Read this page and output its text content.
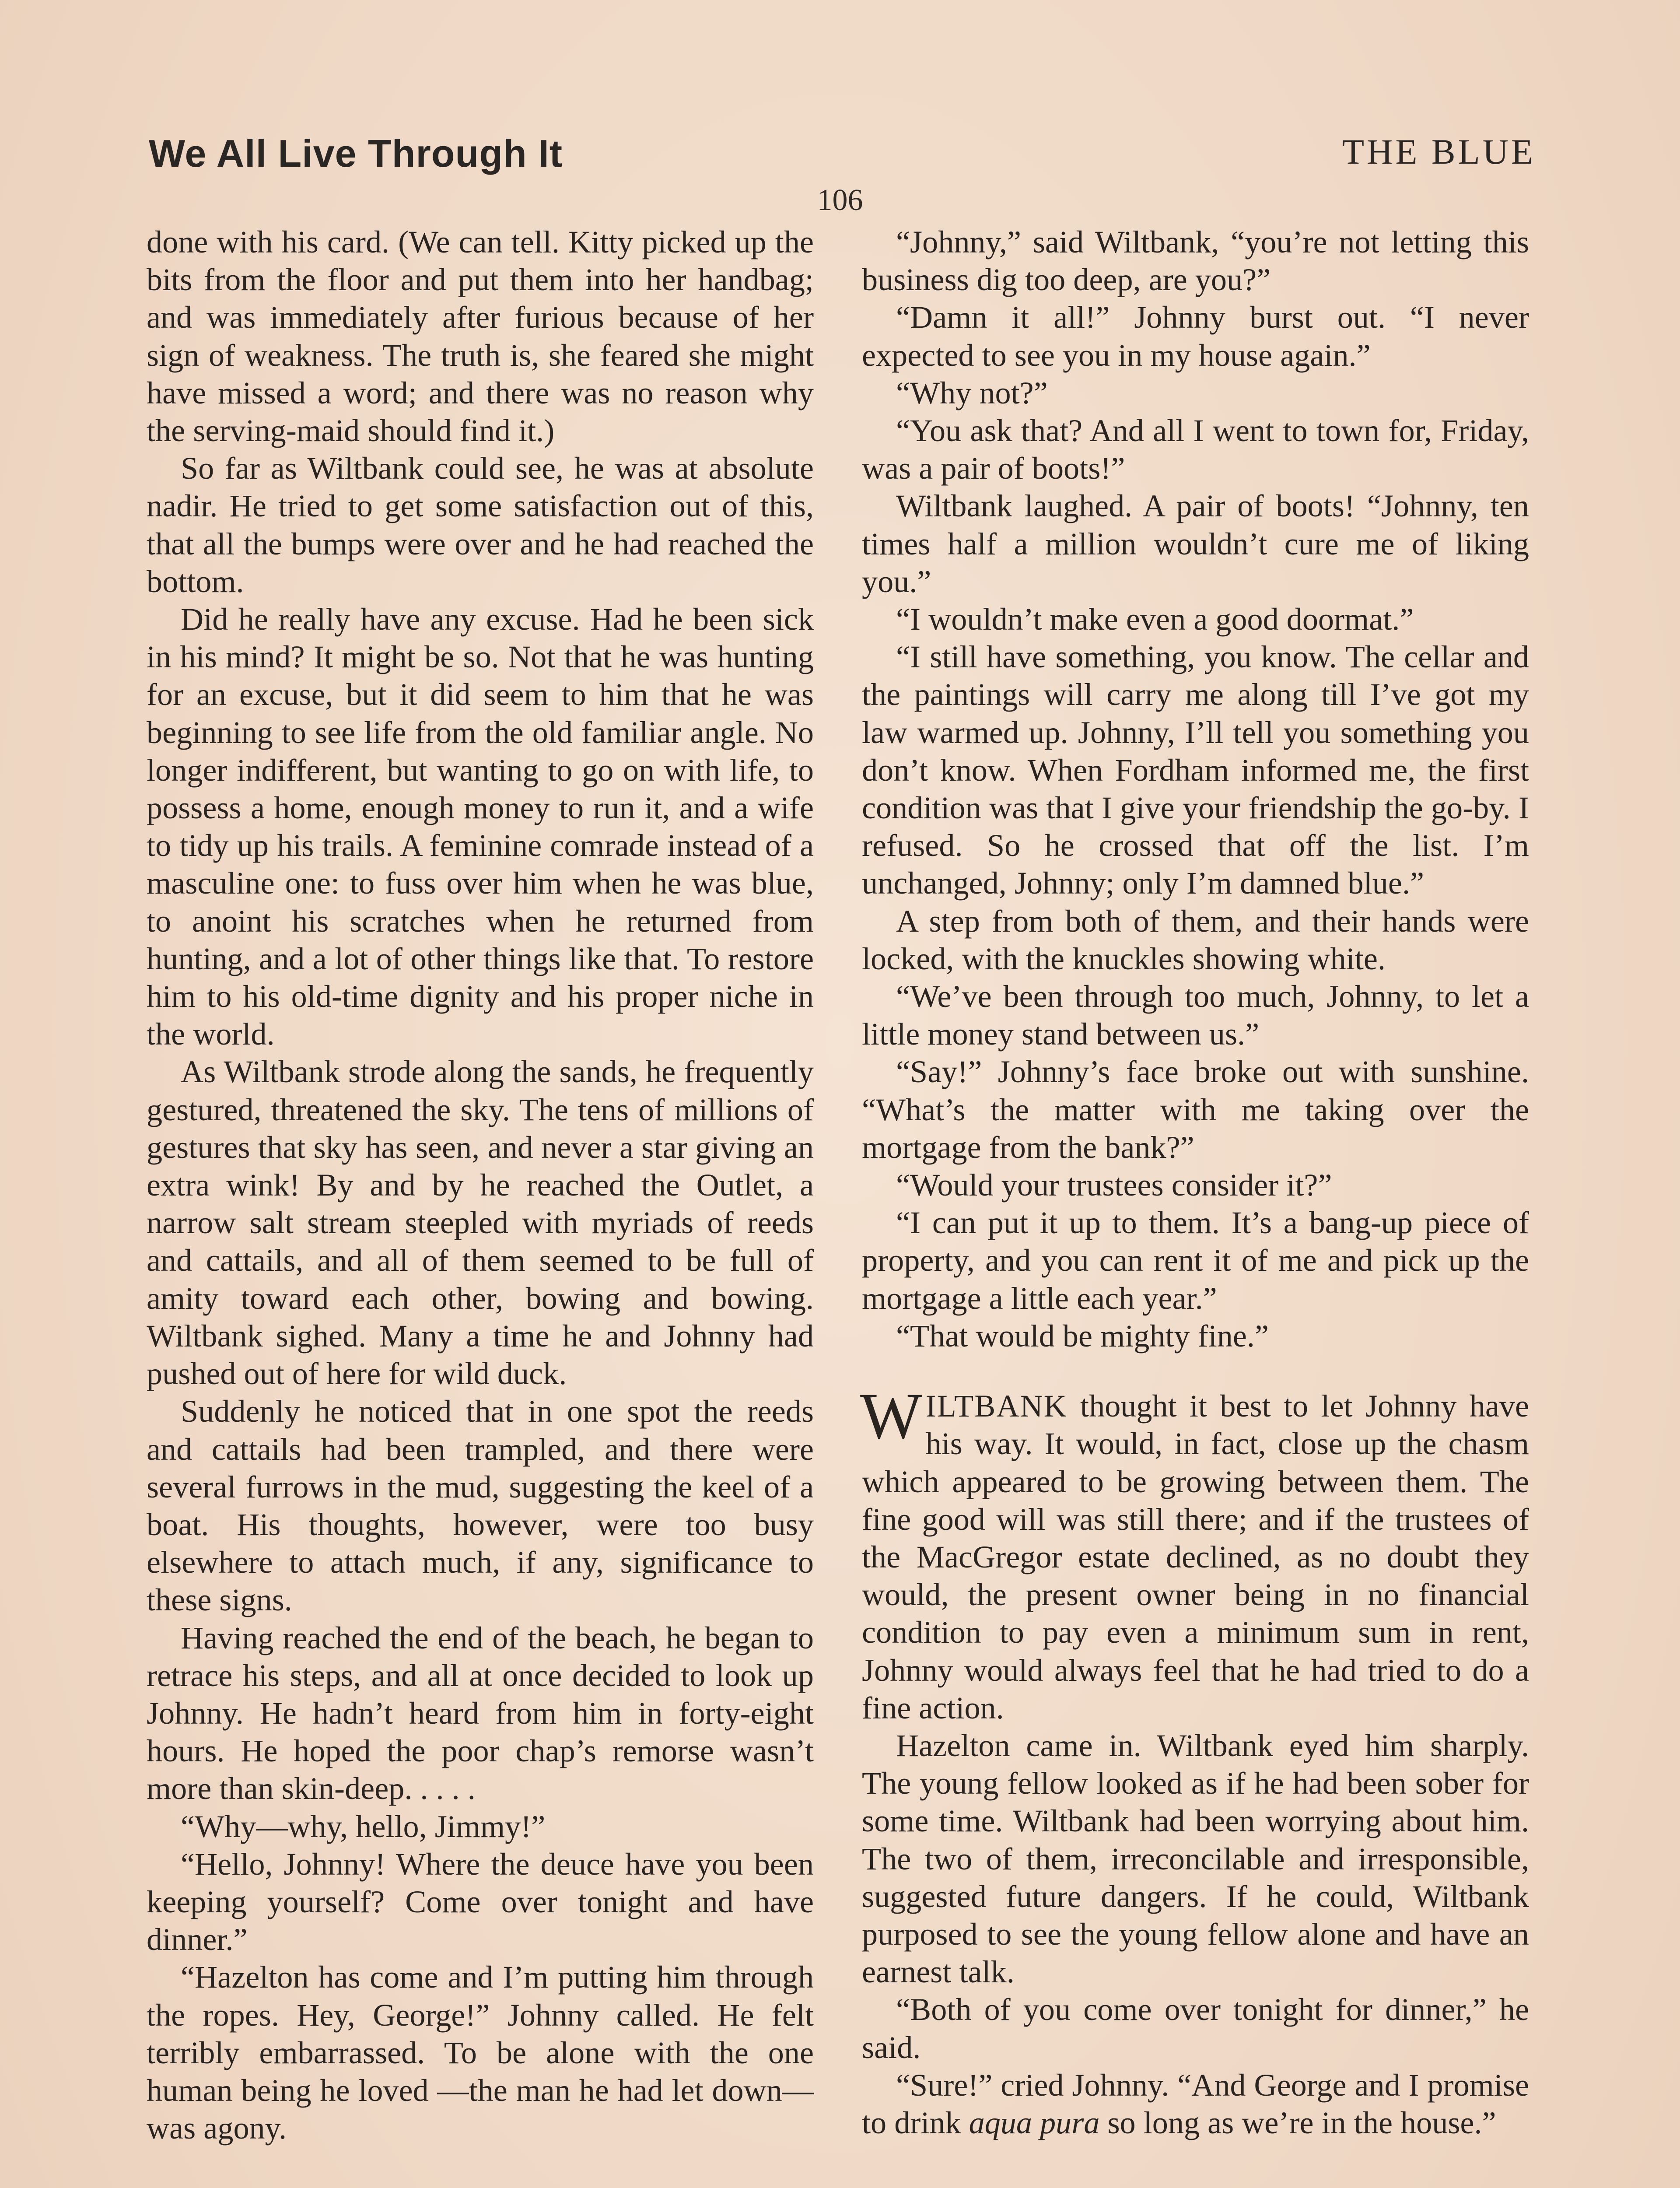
We All Live Through It	THE BLUE
106

done with his card. (We can tell. Kitty picked up the bits from the floor and put them into her handbag; and was immediately after furious because of her sign of weakness. The truth is, she feared she might have missed a word; and there was no reason why the serving-maid should find it.)

So far as Wiltbank could see, he was at absolute nadir. He tried to get some satisfaction out of this, that all the bumps were over and he had reached the bottom.

Did he really have any excuse. Had he been sick in his mind? It might be so. Not that he was hunting for an excuse, but it did seem to him that he was beginning to see life from the old familiar angle. No longer indifferent, but wanting to go on with life, to possess a home, enough money to run it, and a wife to tidy up his trails. A feminine comrade instead of a masculine one: to fuss over him when he was blue, to anoint his scratches when he returned from hunting, and a lot of other things like that. To restore him to his old-time dignity and his proper niche in the world.

As Wiltbank strode along the sands, he frequently gestured, threatened the sky. The tens of millions of gestures that sky has seen, and never a star giving an extra wink! By and by he reached the Outlet, a narrow salt stream steepled with myriads of reeds and cattails, and all of them seemed to be full of amity toward each other, bowing and bowing. Wiltbank sighed. Many a time he and Johnny had pushed out of here for wild duck.

Suddenly he noticed that in one spot the reeds and cattails had been trampled, and there were several furrows in the mud, suggesting the keel of a boat. His thoughts, however, were too busy elsewhere to attach much, if any, significance to these signs.

Having reached the end of the beach, he began to retrace his steps, and all at once decided to look up Johnny. He hadn’t heard from him in forty-eight hours. He hoped the poor chap’s remorse wasn’t more than skin-deep. . . . .

“Why—why, hello, Jimmy!”

“Hello, Johnny! Where the deuce have you been keeping yourself? Come over tonight and have dinner.”

“Hazelton has come and I’m putting him through the ropes. Hey, George!” Johnny called. He felt terribly embarrassed. To be alone with the one human being he loved —the man he had let down—was agony.

“Johnny,” said Wiltbank, “you’re not letting this business dig too deep, are you?”

“Damn it all!” Johnny burst out. “I never expected to see you in my house again.”

“Why not?”

“You ask that? And all I went to town for, Friday, was a pair of boots!”

Wiltbank laughed. A pair of boots! “Johnny, ten times half a million wouldn’t cure me of liking you.”

“I wouldn’t make even a good doormat.”

“I still have something, you know. The cellar and the paintings will carry me along till I’ve got my law warmed up. Johnny, I’ll tell you something you don’t know. When Fordham informed me, the first condition was that I give your friendship the go-by. I refused. So he crossed that off the list. I’m unchanged, Johnny; only I’m damned blue.”

A step from both of them, and their hands were locked, with the knuckles showing white.

“We’ve been through too much, Johnny, to let a little money stand between us.”

“Say!” Johnny’s face broke out with sunshine. “What’s the matter with me taking over the mortgage from the bank?”

“Would your trustees consider it?”

“I can put it up to them. It’s a bang-up piece of property, and you can rent it of me and pick up the mortgage a little each year.”

“That would be mighty fine.”

WILTBANK thought it best to let Johnny have his way. It would, in fact, close up the chasm which appeared to be growing between them. The fine good will was still there; and if the trustees of the MacGregor estate declined, as no doubt they would, the present owner being in no financial condition to pay even a minimum sum in rent, Johnny would always feel that he had tried to do a fine action.

Hazelton came in. Wiltbank eyed him sharply. The young fellow looked as if he had been sober for some time. Wiltbank had been worrying about him. The two of them, irreconcilable and irresponsible, suggested future dangers. If he could, Wiltbank purposed to see the young fellow alone and have an earnest talk.

“Both of you come over tonight for dinner,” he said.

“Sure!” cried Johnny. “And George and I promise to drink aqua pura so long as we’re in the house.”
